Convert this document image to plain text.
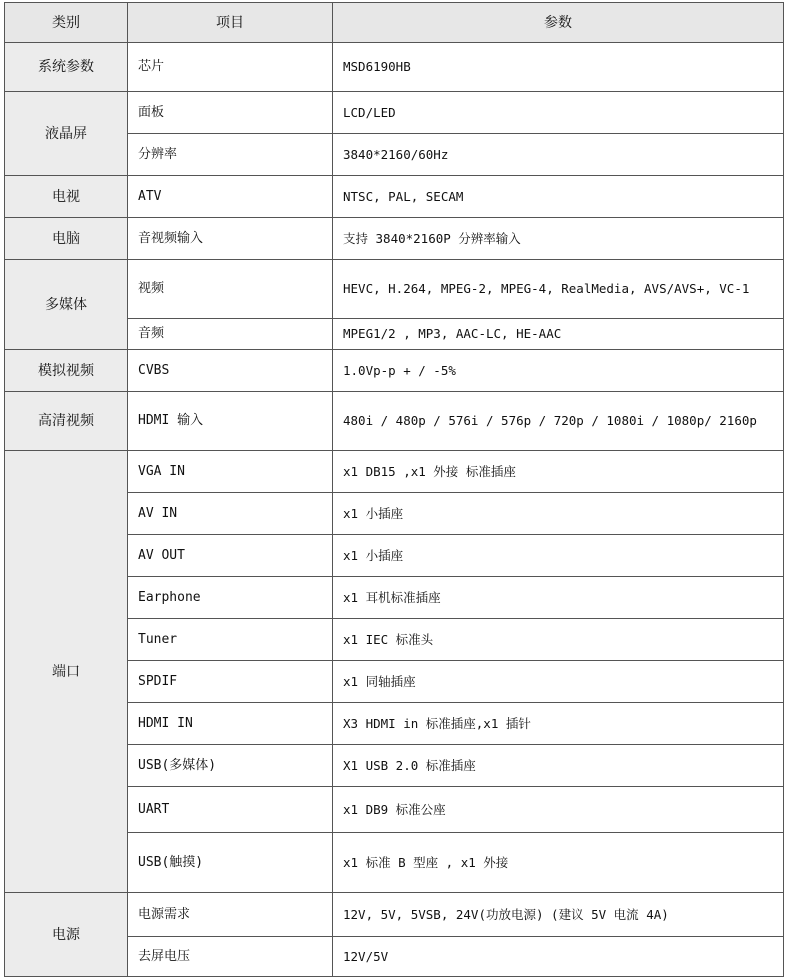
类别	项目	参数
系统参数	芯片	MSD6190HB
液晶屏	面板	LCD/LED
	分辨率	3840*2160/60Hz
电视	ATV	NTSC, PAL, SECAM
电脑	音视频输入	支持 3840*2160P 分辨率输入
多媒体	视频	HEVC, H.264, MPEG-2, MPEG-4, RealMedia, AVS/AVS+, VC-1
	音频	MPEG1/2 , MP3, AAC-LC, HE-AAC
模拟视频	CVBS	1.0Vp-p + / -5%
高清视频	HDMI 输入	480i / 480p / 576i / 576p / 720p / 1080i / 1080p/ 2160p
端口	VGA IN	x1 DB15 ,x1 外接 标准插座
	AV IN	x1 小插座
	AV OUT	x1 小插座
	Earphone	x1 耳机标准插座
	Tuner	x1 IEC 标准头
	SPDIF	x1 同轴插座
	HDMI IN	X3 HDMI in 标准插座,x1 插针
	USB(多媒体)	X1 USB 2.0 标准插座
	UART	x1 DB9 标准公座
	USB(触摸)	x1 标准 B 型座 , x1 外接
电源	电源需求	12V, 5V, 5VSB, 24V(功放电源) (建议 5V 电流 4A)
	去屏电压	12V/5V
